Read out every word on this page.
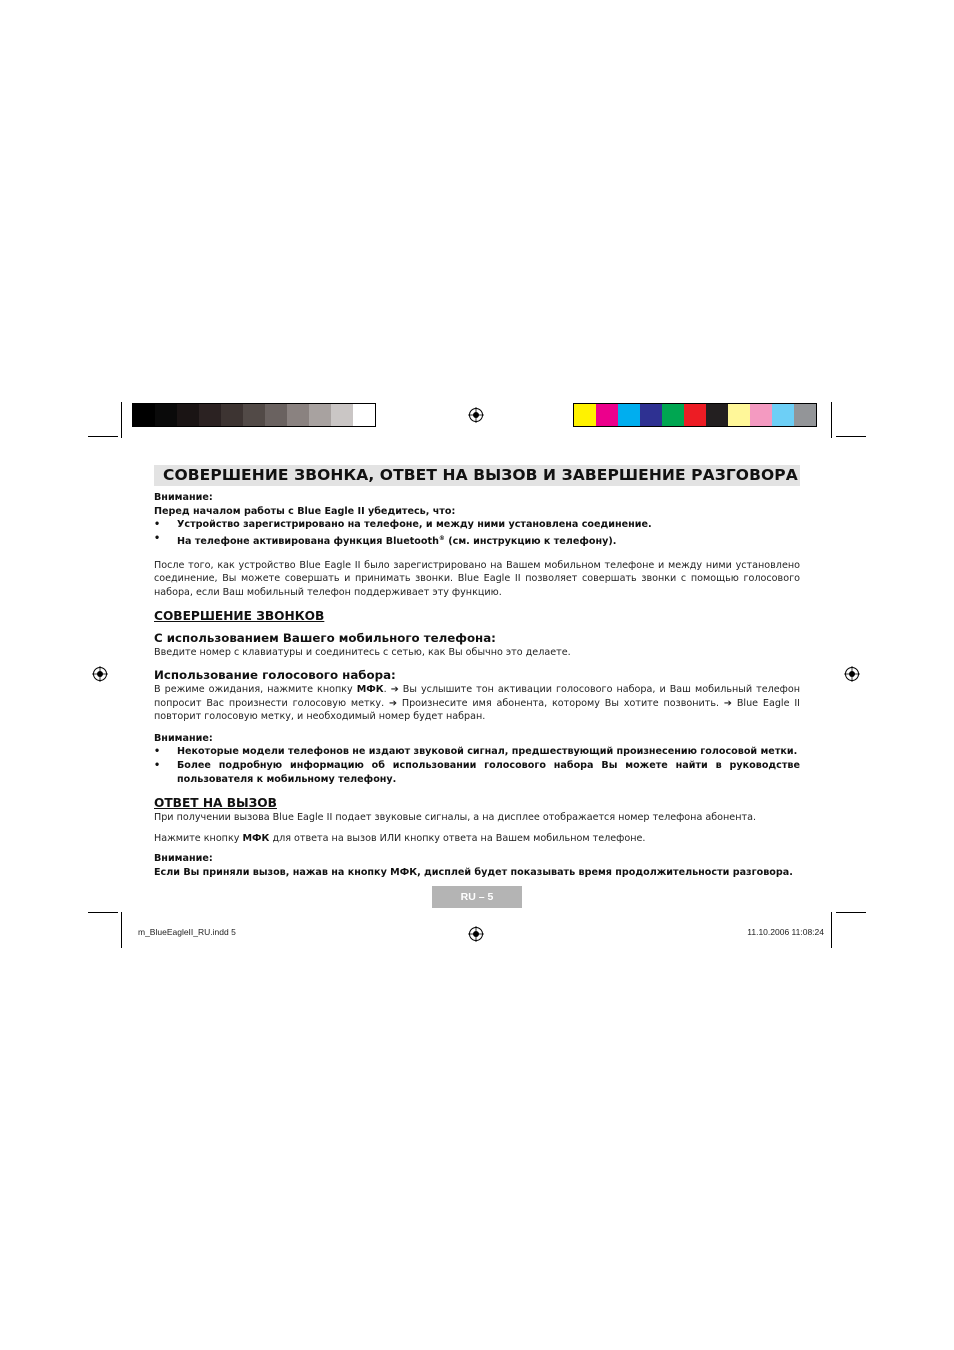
СОВЕРШЕНИЕ ЗВОНКА, ОТВЕТ НА ВЫЗОВ И ЗАВЕРШЕНИЕ РАЗГОВОРА

Внимание:

Перед началом работы с Blue Eagle II убедитесь, что:

• Устройство зарегистрировано на телефоне, и между ними установлена соединение.
• На телефоне активирована функция Bluetooth® (см. инструкцию к телефону).

После того, как устройство Blue Eagle II было зарегистрировано на Вашем мобильном телефоне и между ними установлено соединение, Вы можете совершать и принимать звонки. Blue Eagle II позволяет совершать звонки с помощью голосового набора, если Ваш мобильный телефон поддерживает эту функцию.

СОВЕРШЕНИЕ ЗВОНКОВ
С использованием Вашего мобильного телефона:

Введите номер с клавиатуры и соединитесь с сетью, как Вы обычно это делаете.

Использование голосового набора:

В режиме ожидания, нажмите кнопку МФК. ➔ Вы услышите тон активации голосового набора, и Ваш мобильный телефон попросит Вас произнести голосовую метку. ➔ Произнесите имя абонента, которому Вы хотите позвонить. ➔ Blue Eagle II повторит голосовую метку, и необходимый номер будет набран.

Внимание:

• Некоторые модели телефонов не издают звуковой сигнал, предшествующий произнесению голосовой метки.
• Более подробную информацию об использовании голосового набора Вы можете найти в руководстве пользователя к мобильному телефону.
ОТВЕТ НА ВЫЗОВ

При получении вызова Blue Eagle II подает звуковые сигналы, а на дисплее отображается номер телефона абонента.

Нажмите кнопку МФК для ответа на вызов ИЛИ кнопку ответа на Вашем мобильном телефоне.

Внимание:

Если Вы приняли вызов, нажав на кнопку МФК, дисплей будет показывать время продолжительности разговора.

RU – 5
m_BlueEagleII_RU.indd 5	11.10.2006 11:08:24
